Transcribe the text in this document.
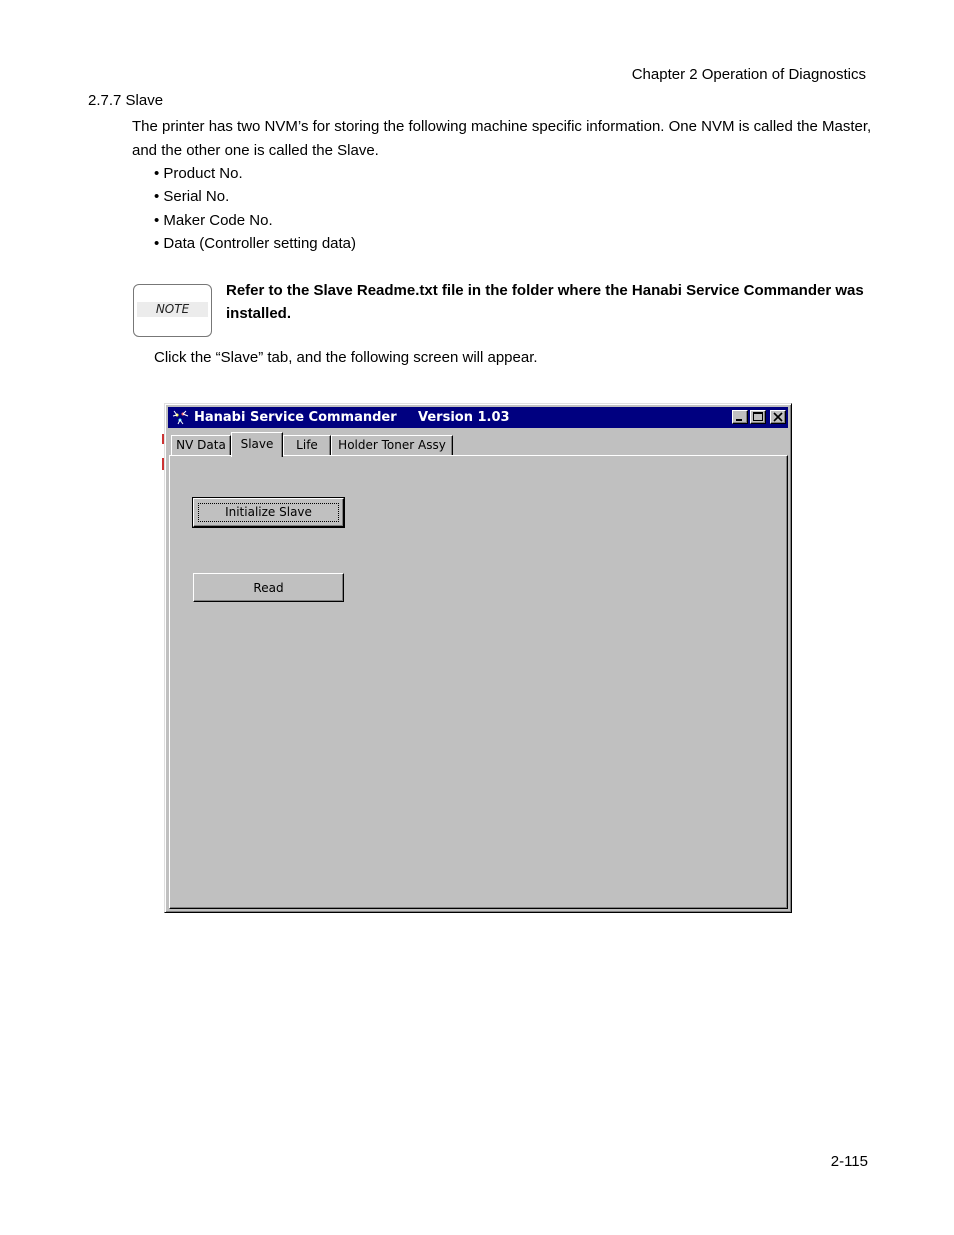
Chapter 2 Operation of Diagnostics
2.7.7 Slave
The printer has two NVM’s for storing the following machine specific information. One NVM is called the Master, and the other one is called the Slave.
• Product No.
• Serial No.
• Maker Code No.
• Data (Controller setting data)
NOTE
Refer to the Slave Readme.txt file in the folder where the Hanabi Service Commander was installed.
Click the “Slave” tab, and the following screen will appear.
Hanabi Service Commander Version 1.03
NV Data	Slave	Life	Holder Toner Assy
Initialize Slave
Read
2-115
